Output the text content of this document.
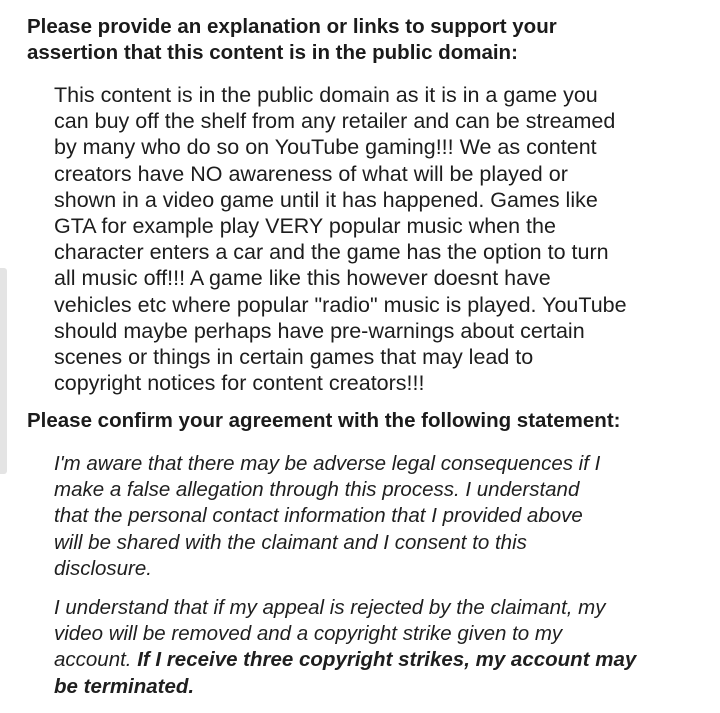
Please provide an explanation or links to support your
assertion that this content is in the public domain:
This content is in the public domain as it is in a game you
can buy off the shelf from any retailer and can be streamed
by many who do so on YouTube gaming!!! We as content
creators have NO awareness of what will be played or
shown in a video game until it has happened. Games like
GTA for example play VERY popular music when the
character enters a car and the game has the option to turn
all music off!!! A game like this however doesnt have
vehicles etc where popular "radio" music is played. YouTube
should maybe perhaps have pre-warnings about certain
scenes or things in certain games that may lead to
copyright notices for content creators!!!
Please confirm your agreement with the following statement:
I'm aware that there may be adverse legal consequences if I
make a false allegation through this process. I understand
that the personal contact information that I provided above
will be shared with the claimant and I consent to this
disclosure.
I understand that if my appeal is rejected by the claimant, my
video will be removed and a copyright strike given to my
account. If I receive three copyright strikes, my account may
be terminated.
